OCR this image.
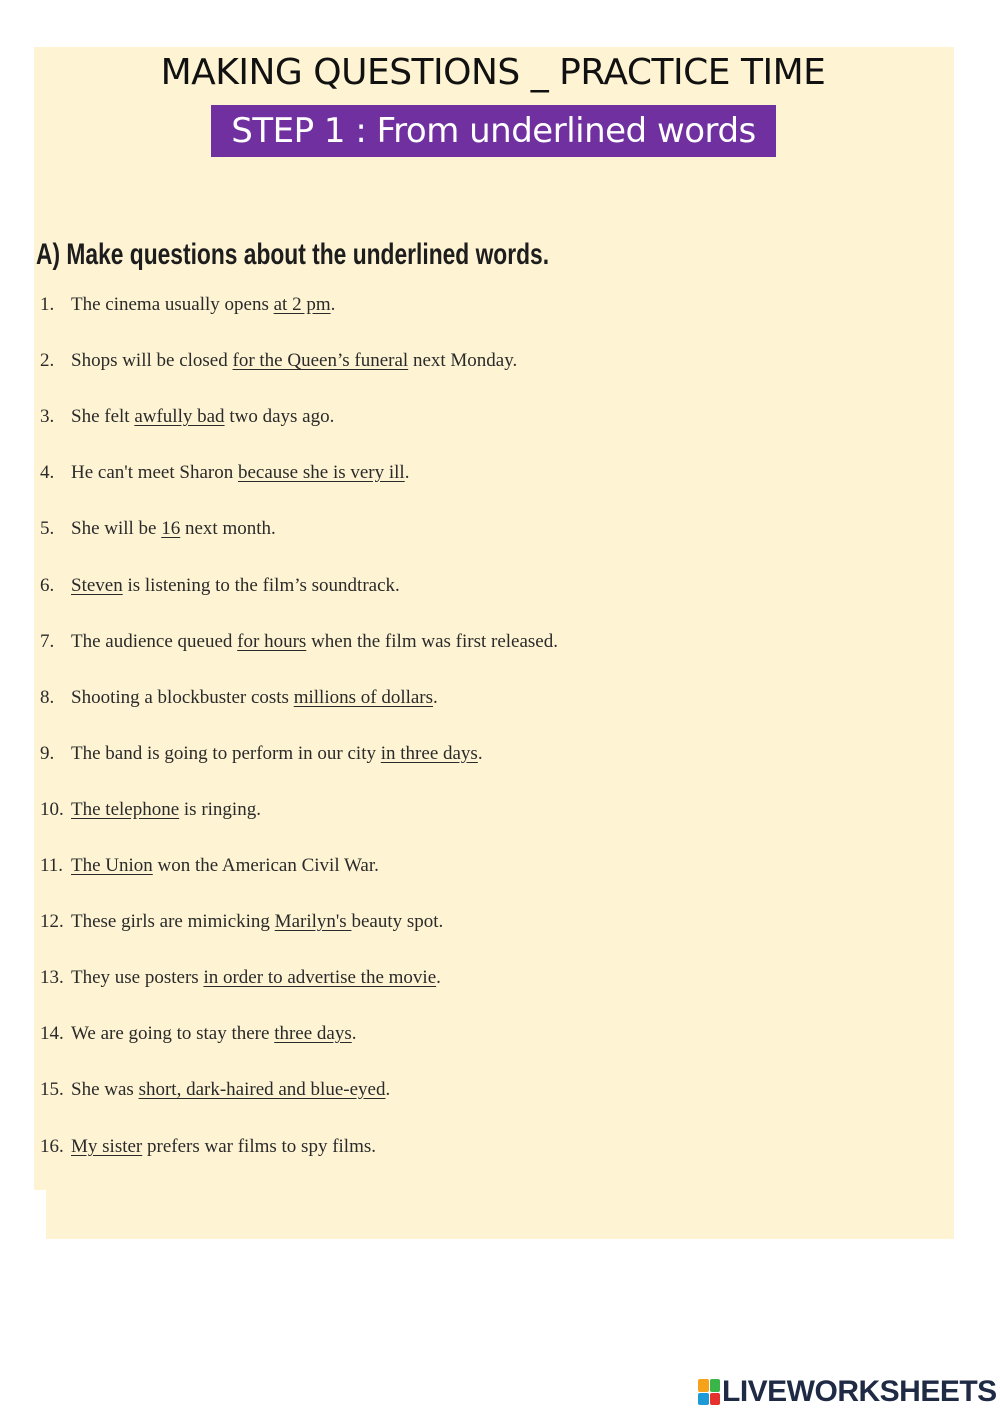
MAKING QUESTIONS _ PRACTICE TIME
STEP 1 : From underlined words
A) Make questions about the underlined words.
1. The cinema usually opens at 2 pm.
2. Shops will be closed for the Queen’s funeral next Monday.
3. She felt awfully bad two days ago.
4. He can't meet Sharon because she is very ill.
5. She will be 16 next month.
6. Steven is listening to the film’s soundtrack.
7. The audience queued for hours when the film was first released.
8. Shooting a blockbuster costs millions of dollars.
9. The band is going to perform in our city in three days.
10. The telephone is ringing.
11. The Union won the American Civil War.
12. These girls are mimicking Marilyn's beauty spot.
13. They use posters in order to advertise the movie.
14. We are going to stay there three days.
15. She was short, dark-haired and blue-eyed.
16. My sister prefers war films to spy films.
LIVEWORKSHEETS
